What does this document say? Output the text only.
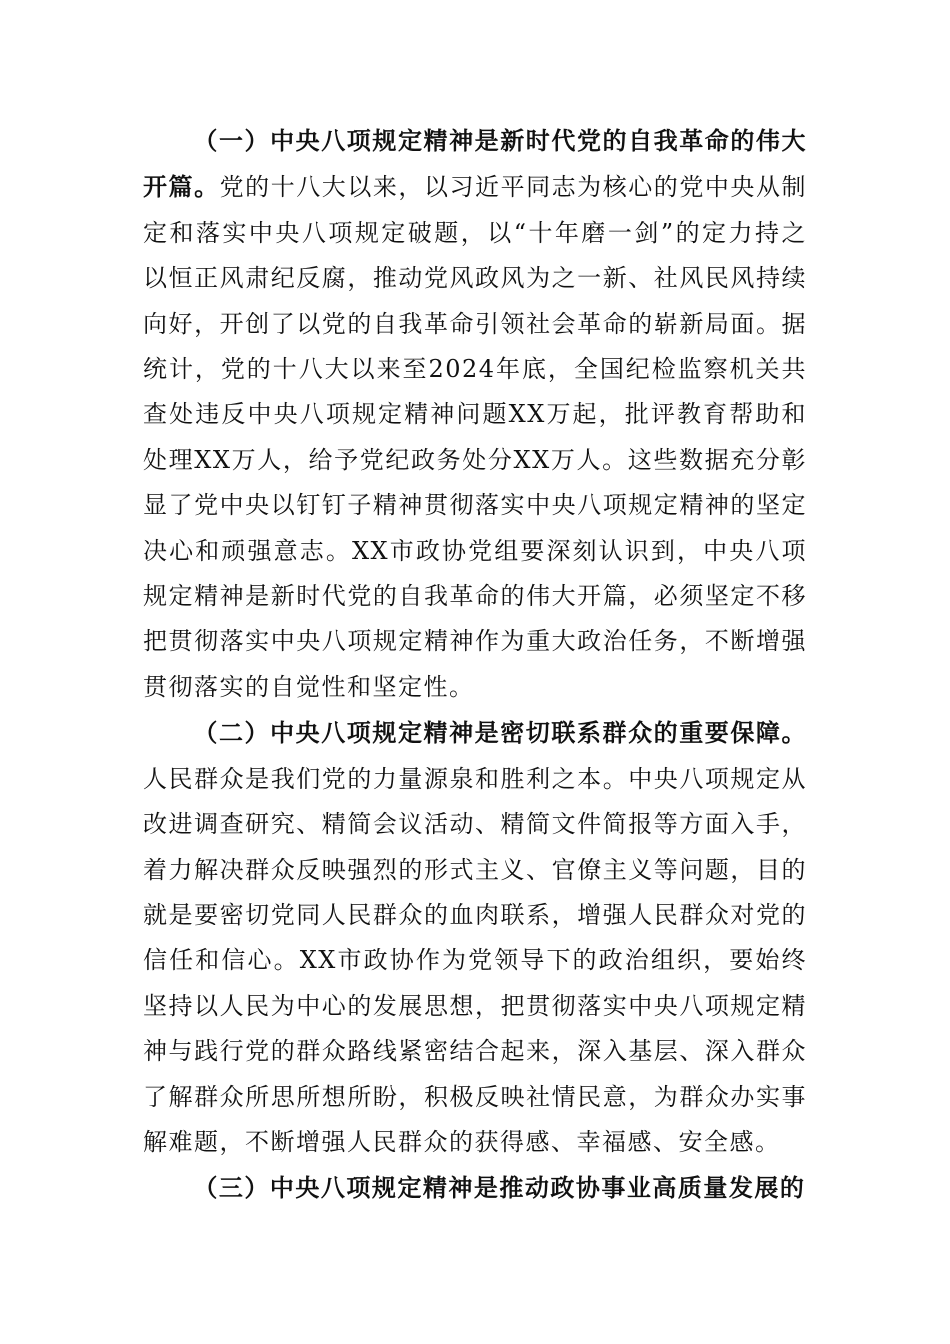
（一）中央八项规定精神是新时代党的自我革命的伟大开篇。党的十八大以来，以习近平同志为核心的党中央从制定和落实中央八项规定破题，以“十年磨一剑”的定力持之以恒正风肃纪反腐，推动党风政风为之一新、社风民风持续向好，开创了以党的自我革命引领社会革命的崭新局面。据统计，党的十八大以来至2024年底，全国纪检监察机关共查处违反中央八项规定精神问题XX万起，批评教育帮助和处理XX万人，给予党纪政务处分XX万人。这些数据充分彰显了党中央以钉钉子精神贯彻落实中央八项规定精神的坚定决心和顽强意志。XX市政协党组要深刻认识到，中央八项规定精神是新时代党的自我革命的伟大开篇，必须坚定不移把贯彻落实中央八项规定精神作为重大政治任务，不断增强贯彻落实的自觉性和坚定性。

（二）中央八项规定精神是密切联系群众的重要保障。人民群众是我们党的力量源泉和胜利之本。中央八项规定从改进调查研究、精简会议活动、精简文件简报等方面入手，着力解决群众反映强烈的形式主义、官僚主义等问题，目的就是要密切党同人民群众的血肉联系，增强人民群众对党的信任和信心。XX市政协作为党领导下的政治组织，要始终坚持以人民为中心的发展思想，把贯彻落实中央八项规定精神与践行党的群众路线紧密结合起来，深入基层、深入群众了解群众所思所想所盼，积极反映社情民意，为群众办实事解难题，不断增强人民群众的获得感、幸福感、安全感。

（三）中央八项规定精神是推动政协事业高质量发展的
